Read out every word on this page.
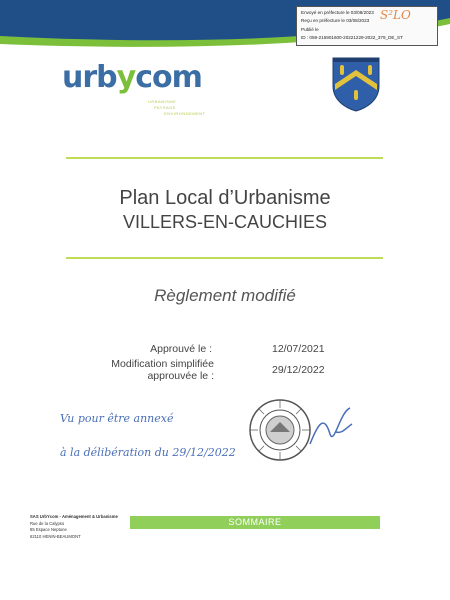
Envoyé en préfecture le 03/08/2023
Reçu en préfecture le 03/08/2023
Publié le
ID : 059-215901600-20221229-2022_379_DE_ST
S²LO
urbycom
URBANISME
PAYSAGE
ENVIRONNEMENT
Plan Local d’Urbanisme
VILLERS-EN-CAUCHIES
Règlement modifié
Approuvé le :	12/07/2021
Modification simplifiée approuvée le :	29/12/2022
Vu pour être annexé
à la délibération du 29/12/2022
SAS UrbYcom - Aménagement & Urbanisme
Rue de la Calypso
85 Espace Neptune
62110 HENIN-BEAUMONT
SOMMAIRE
